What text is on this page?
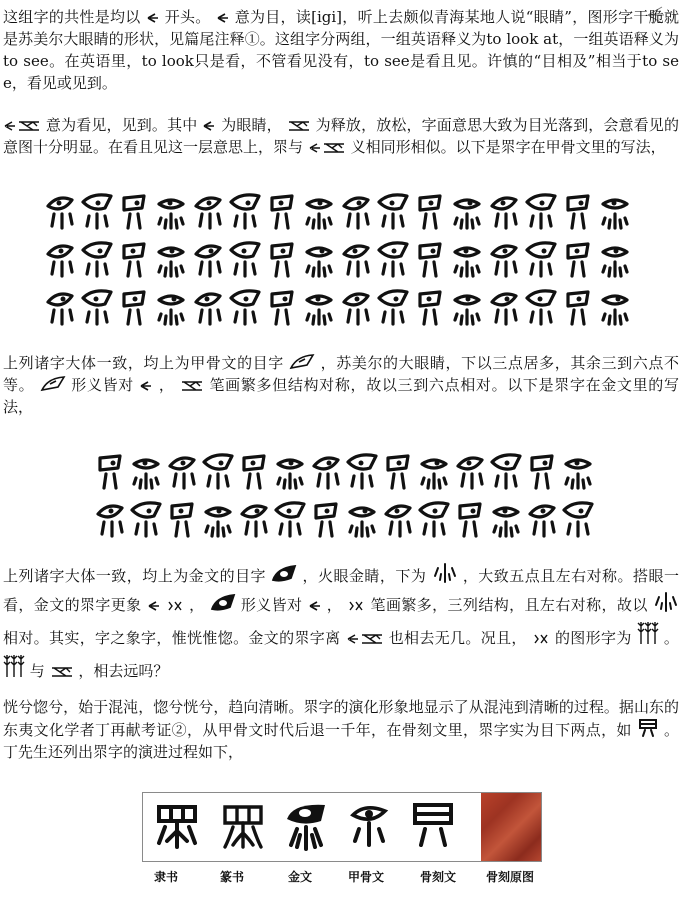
这组字的共性是均以 开头。 意为目，读[igi]，听上去颇似青海某地人说“眼睛”，图形字干脆就是苏美尔大眼睛的形状，见篇尾注释①。这组字分两组，一组英语释义为to look at，一组英语释义为to see。在英语里，to look只是看，不管看见没有，to see是看且见。许慎的“目相及”相当于to see，看见或见到。

意为看见，见到。其中 为眼睛， 为释放，放松，字面意思大致为目光落到，会意看见的意图十分明显。在看且见这一层意思上，眔与	义相同形相似。以下是眔字在甲骨文里的写法，

上列诸字大体一致，均上为甲骨文的目字 ，苏美尔的大眼睛，下以三点居多，其余三到六点不等。 形义皆对 ， 笔画繁多但结构对称，故以三到六点相对。以下是眔字在金文里的写法，

上列诸字大体一致，均上为金文的目字 ，火眼金睛，下为 ，大致五点且左右对称。搭眼一看，金文的眔字更象
	， 形义皆对 ， 笔画繁多，三列结构，且左右对称，故以
相对。其实，字之象字，惟恍惟惚。金文的眔字离	也相去无几。况且， 的图形字为 。
与 ，相去远吗？

恍兮惚兮，始于混沌，惚兮恍兮，趋向清晰。眔字的演化形象地显示了从混沌到清晰的过程。据山东的东夷文化学者丁再献考证②，从甲骨文时代后退一千年，在骨刻文里，眔字实为目下两点，如 。丁先生还列出眔字的演进过程如下，

隶书	篆书	金文	甲骨文	骨刻文 骨刻原图
